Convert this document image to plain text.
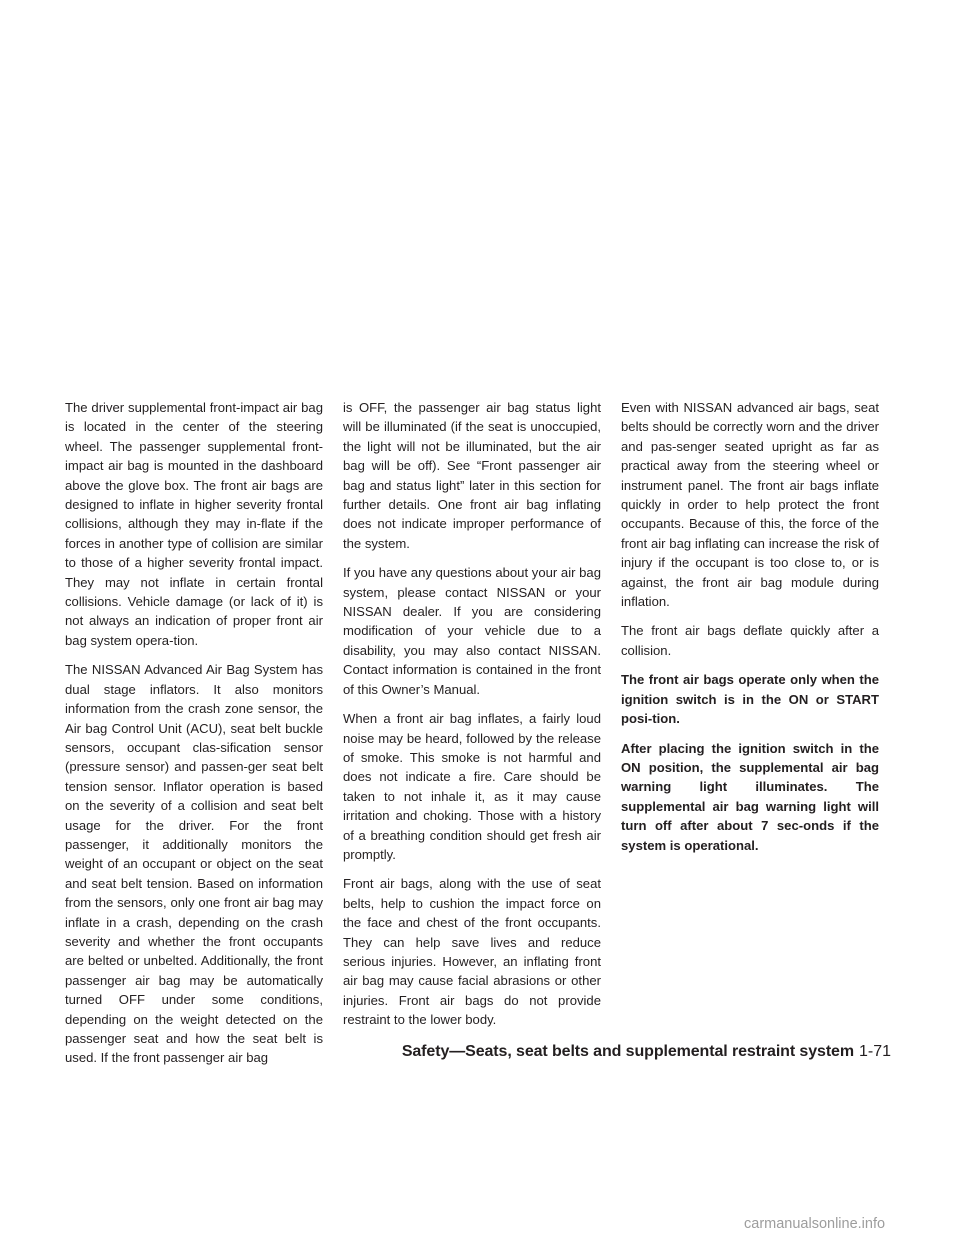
The driver supplemental front-impact air bag is located in the center of the steering wheel. The passenger supplemental front-impact air bag is mounted in the dashboard above the glove box. The front air bags are designed to inflate in higher severity frontal collisions, although they may in-flate if the forces in another type of collision are similar to those of a higher severity frontal impact. They may not inflate in certain frontal collisions. Vehicle damage (or lack of it) is not always an indication of proper front air bag system opera-tion.

The NISSAN Advanced Air Bag System has dual stage inflators. It also monitors information from the crash zone sensor, the Air bag Control Unit (ACU), seat belt buckle sensors, occupant clas-sification sensor (pressure sensor) and passen-ger seat belt tension sensor. Inflator operation is based on the severity of a collision and seat belt usage for the driver. For the front passenger, it additionally monitors the weight of an occupant or object on the seat and seat belt tension. Based on information from the sensors, only one front air bag may inflate in a crash, depending on the crash severity and whether the front occupants are belted or unbelted. Additionally, the front passenger air bag may be automatically turned OFF under some conditions, depending on the weight detected on the passenger seat and how the seat belt is used. If the front passenger air bag

is OFF, the passenger air bag status light will be illuminated (if the seat is unoccupied, the light will not be illuminated, but the air bag will be off). See “Front passenger air bag and status light” later in this section for further details. One front air bag inflating does not indicate improper performance of the system.

If you have any questions about your air bag system, please contact NISSAN or your NISSAN dealer. If you are considering modification of your vehicle due to a disability, you may also contact NISSAN. Contact information is contained in the front of this Owner’s Manual.

When a front air bag inflates, a fairly loud noise may be heard, followed by the release of smoke. This smoke is not harmful and does not indicate a fire. Care should be taken to not inhale it, as it may cause irritation and choking. Those with a history of a breathing condition should get fresh air promptly.

Front air bags, along with the use of seat belts, help to cushion the impact force on the face and chest of the front occupants. They can help save lives and reduce serious injuries. However, an inflating front air bag may cause facial abrasions or other injuries. Front air bags do not provide restraint to the lower body.

Even with NISSAN advanced air bags, seat belts should be correctly worn and the driver and pas-senger seated upright as far as practical away from the steering wheel or instrument panel. The front air bags inflate quickly in order to help protect the front occupants. Because of this, the force of the front air bag inflating can increase the risk of injury if the occupant is too close to, or is against, the front air bag module during inflation.

The front air bags deflate quickly after a collision.

The front air bags operate only when the ignition switch is in the ON or START posi-tion.

After placing the ignition switch in the ON position, the supplemental air bag warning light illuminates. The supplemental air bag warning light will turn off after about 7 sec-onds if the system is operational.

Safety—Seats, seat belts and supplemental restraint system 1-71
carmanualsonline.info
